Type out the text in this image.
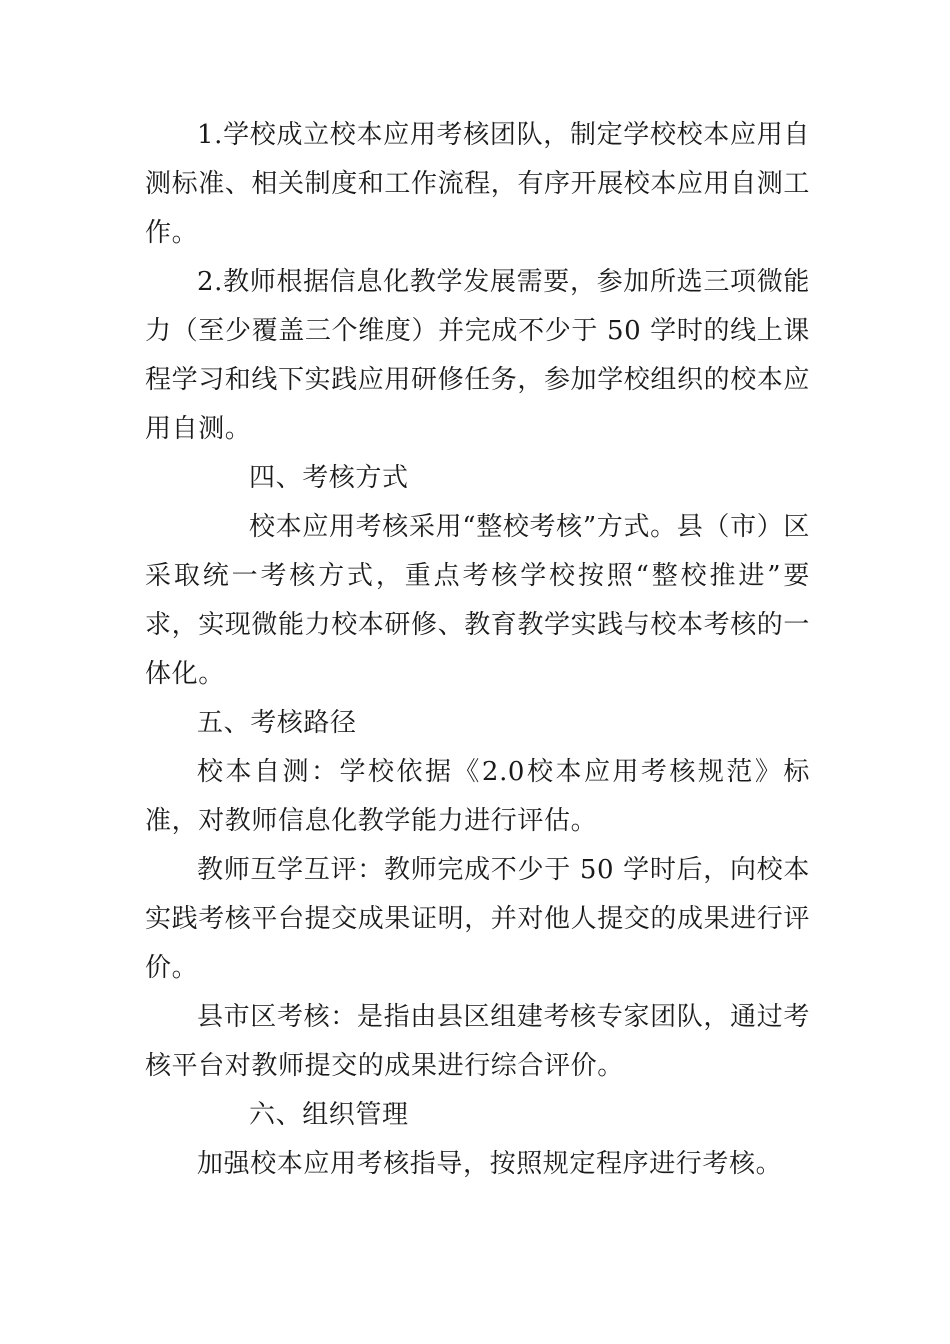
1.学校成立校本应用考核团队，制定学校校本应用自测标准、相关制度和工作流程，有序开展校本应用自测工作。

2.教师根据信息化教学发展需要，参加所选三项微能力（至少覆盖三个维度）并完成不少于 50 学时的线上课程学习和线下实践应用研修任务，参加学校组织的校本应用自测。

四、考核方式

校本应用考核采用“整校考核”方式。县（市）区采取统一考核方式，重点考核学校按照“整校推进”要求，实现微能力校本研修、教育教学实践与校本考核的一体化。

五、考核路径

校本自测：学校依据《2.0校本应用考核规范》标准，对教师信息化教学能力进行评估。

教师互学互评：教师完成不少于 50 学时后，向校本实践考核平台提交成果证明，并对他人提交的成果进行评价。

县市区考核：是指由县区组建考核专家团队，通过考核平台对教师提交的成果进行综合评价。

六、组织管理

加强校本应用考核指导，按照规定程序进行考核。
